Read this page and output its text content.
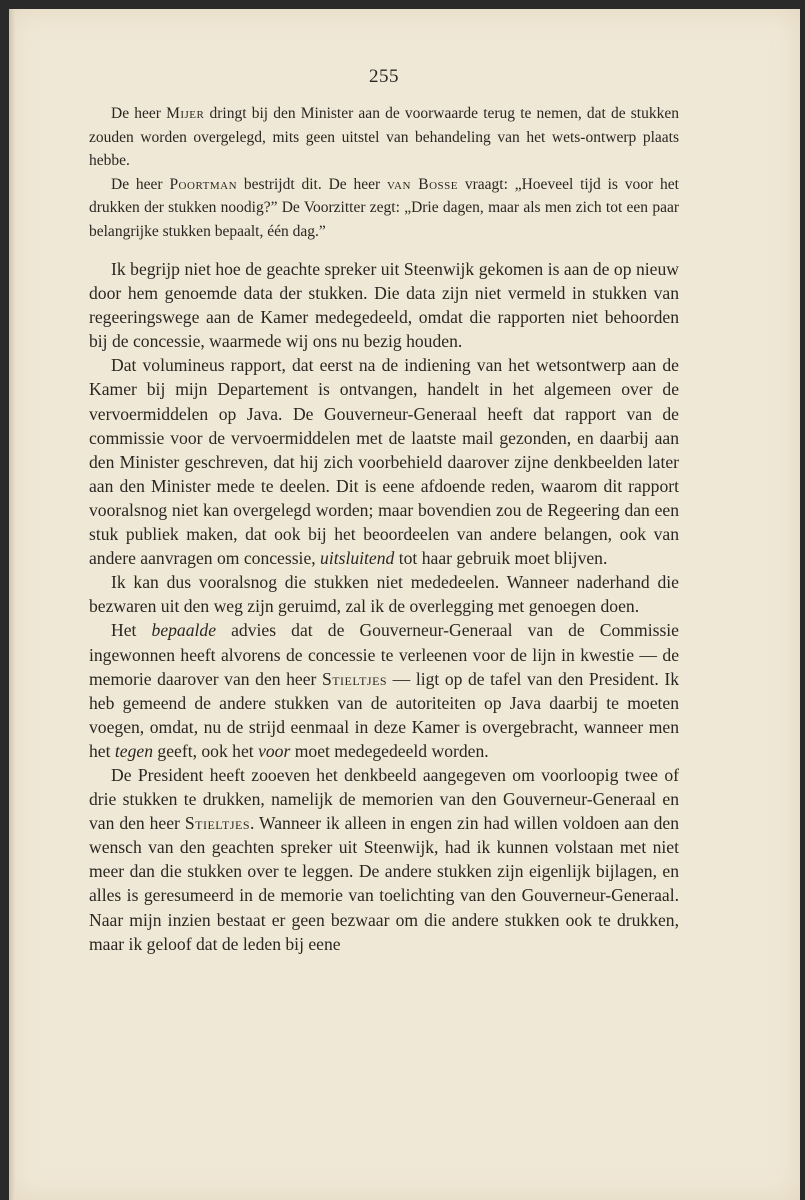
255

De heer Mijer dringt bij den Minister aan de voorwaarde terug te nemen, dat de stukken zouden worden overgelegd, mits geen uitstel van behandeling van het wets-ontwerp plaats hebbe.

De heer Poortman bestrijdt dit. De heer van Bosse vraagt: „Hoeveel tijd is voor het drukken der stukken noodig?” De Voorzitter zegt: „Drie dagen, maar als men zich tot een paar belangrijke stukken bepaalt, één dag.”

Ik begrijp niet hoe de geachte spreker uit Steenwijk gekomen is aan de op nieuw door hem genoemde data der stukken. Die data zijn niet vermeld in stukken van regeeringswege aan de Kamer medegedeeld, omdat die rapporten niet behoorden bij de concessie, waarmede wij ons nu bezig houden.

Dat volumineus rapport, dat eerst na de indiening van het wetsontwerp aan de Kamer bij mijn Departement is ontvangen, handelt in het algemeen over de vervoermiddelen op Java. De Gouverneur-Generaal heeft dat rapport van de commissie voor de vervoermiddelen met de laatste mail gezonden, en daarbij aan den Minister geschreven, dat hij zich voorbehield daarover zijne denkbeelden later aan den Minister mede te deelen. Dit is eene afdoende reden, waarom dit rapport vooralsnog niet kan overgelegd worden; maar bovendien zou de Regeering dan een stuk publiek maken, dat ook bij het beoordeelen van andere belangen, ook van andere aanvragen om concessie, uitsluitend tot haar gebruik moet blijven.

Ik kan dus vooralsnog die stukken niet mededeelen. Wanneer naderhand die bezwaren uit den weg zijn geruimd, zal ik de overlegging met genoegen doen.

Het bepaalde advies dat de Gouverneur-Generaal van de Commissie ingewonnen heeft alvorens de concessie te verleenen voor de lijn in kwestie — de memorie daarover van den heer Stieltjes — ligt op de tafel van den President. Ik heb gemeend de andere stukken van de autoriteiten op Java daarbij te moeten voegen, omdat, nu de strijd eenmaal in deze Kamer is overgebracht, wanneer men het tegen geeft, ook het voor moet medegedeeld worden.

De President heeft zooeven het denkbeeld aangegeven om voorloopig twee of drie stukken te drukken, namelijk de memorien van den Gouverneur-Generaal en van den heer Stieltjes. Wanneer ik alleen in engen zin had willen voldoen aan den wensch van den geachten spreker uit Steenwijk, had ik kunnen volstaan met niet meer dan die stukken over te leggen. De andere stukken zijn eigenlijk bijlagen, en alles is geresumeerd in de memorie van toelichting van den Gouverneur-Generaal. Naar mijn inzien bestaat er geen bezwaar om die andere stukken ook te drukken, maar ik geloof dat de leden bij eene
